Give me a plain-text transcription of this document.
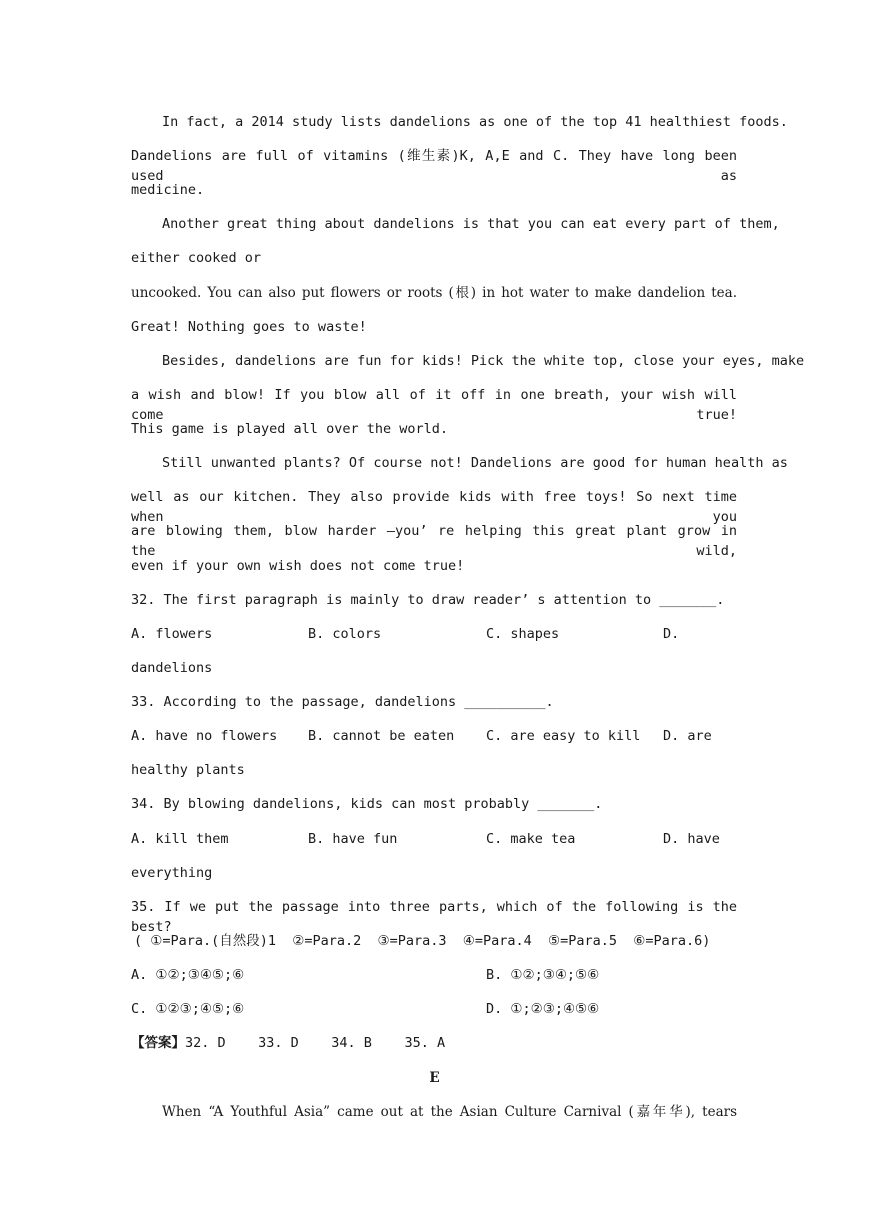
In fact, a 2014 study lists dandelions as one of the top 41 healthiest foods.
Dandelions are full of vitamins (维生素)K, A,E and C. They have long been used as
medicine.
Another great thing about dandelions is that you can eat every part of them,
either cooked or
uncooked. You can also put flowers or roots (根) in hot water to make dandelion tea.
Great! Nothing goes to waste!
Besides, dandelions are fun for kids! Pick the white top, close your eyes, make
a wish and blow! If you blow all of it off in one breath, your wish will come true!
This game is played all over the world.
Still unwanted plants? Of course not! Dandelions are good for human health as
well as our kitchen. They also provide kids with free toys! So next time when you
are blowing them, blow harder —you’ re helping this great plant grow in the wild,
even if your own wish does not come true!
32. The first paragraph is mainly to draw reader’ s attention to _______.
A. flowers	B. colors	C. shapes	D.
dandelions
33. According to the passage, dandelions __________.
A. have no flowers B. cannot be eaten C. are easy to kill D. are
healthy plants
34. By blowing dandelions, kids can most probably _______.
A. kill them	B. have fun	C. make tea	D. have
everything
35. If we put the passage into three parts, which of the following is the best?
( ①=Para.(自然段)1  ②=Para.2  ③=Para.3  ④=Para.4  ⑤=Para.5  ⑥=Para.6)
A. ①②;③④⑤;⑥	B. ①②;③④;⑤⑥
C. ①②③;④⑤;⑥	D. ①;②③;④⑤⑥
【答案】32. D    33. D    34. B    35. A
E
When “A Youthful Asia” came out at the Asian Culture Carnival (嘉年华), tears
